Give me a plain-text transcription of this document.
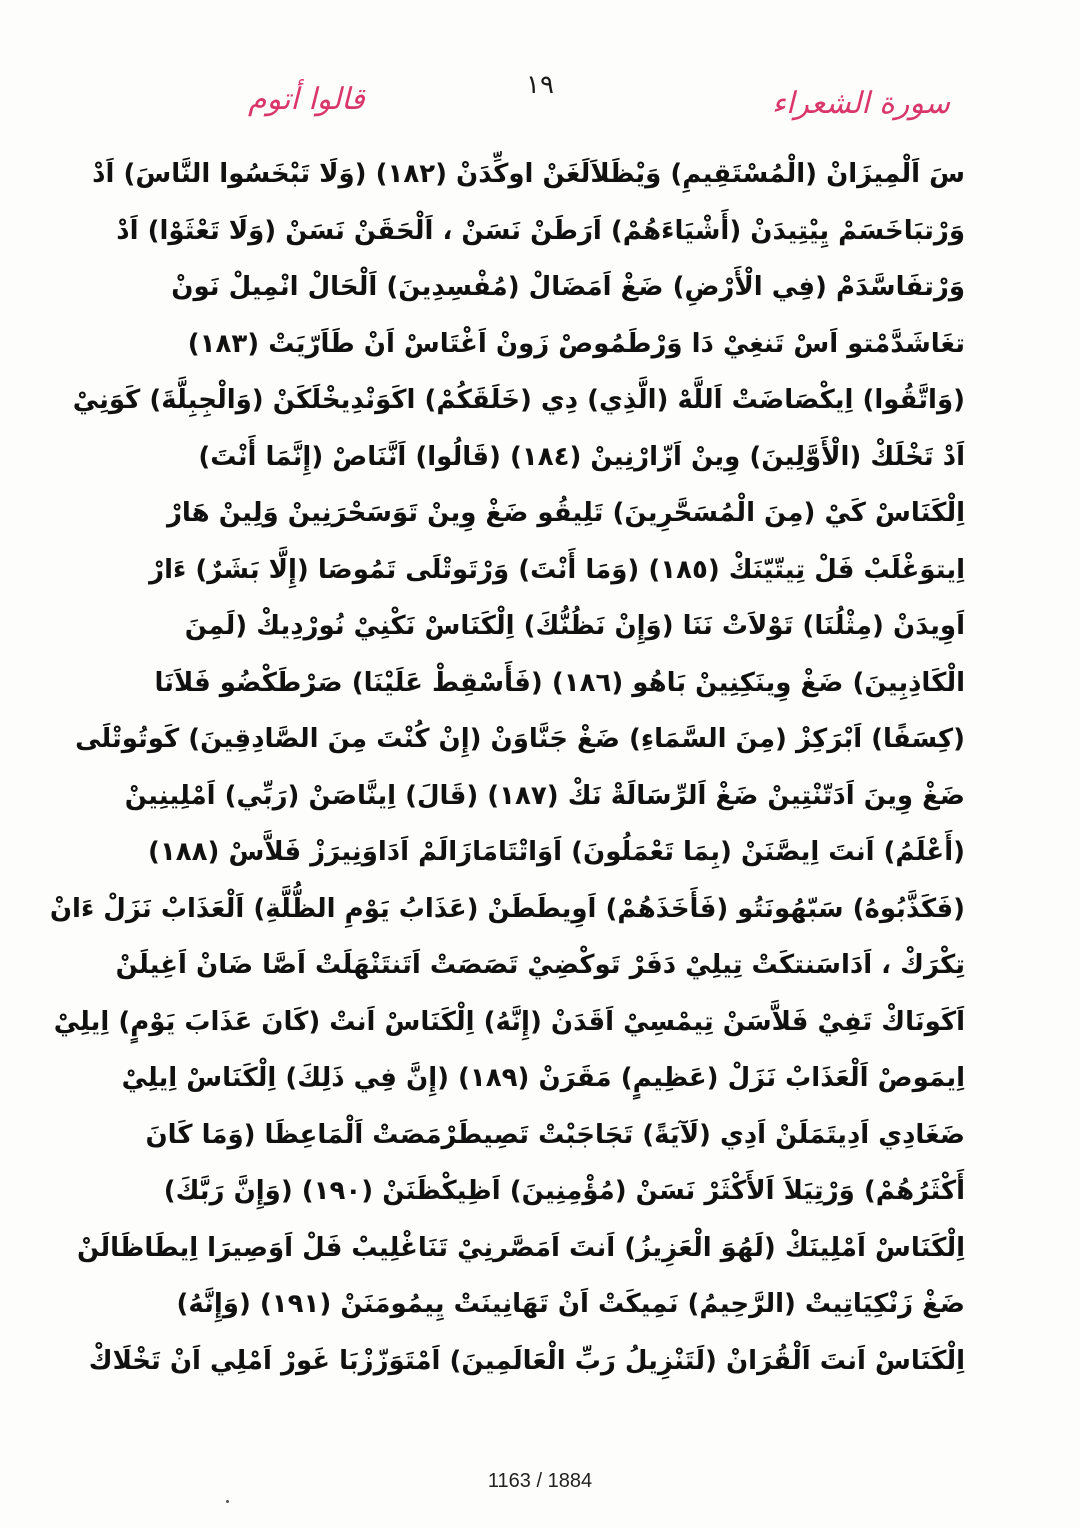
سورة الشعراء
١٩
قالوا أتوم
سَ اَلْمِيزَانْ (الْمُسْتَقِيمِ) وَيْظَلاَلَغَنْ اوكِّدَنْ (١٨٢) (وَلَا تَبْخَسُوا النَّاسَ) اَدْ
وَرْتبَاخَسَمْ يِيْتِيدَنْ (أَشْيَاءَهُمْ) اَرَطَنْ نَسَنْ ، اَلْحَقَنْ نَسَنْ (وَلَا تَعْثَوْا) اَدْ
وَرْتفَاسَّدَمْ (فِي الْأَرْضِ) ضَغْ اَمَضَالْ (مُفْسِدِينَ) اَلْحَالْ انْمِيلْ نَونْ
تغَاشَدَّمْتو اَسْ تَنغِيْ دَا وَرْطَمُوصْ زَونْ اَغْتَاسْ اَنْ طَاَرّيَتْ (١٨٣)
(وَاتَّقُوا) اِيكْصَاضَتْ اَللَّهْ (الَّذِي) دِي (خَلَقَكُمْ) اكَوَنْدِيخْلَكَنْ (وَالْجِبِلَّةَ) كَوَنِيْ
اَدْ تَخْلَكْ (الْأَوَّلِينَ) وِينْ اَزّارْنِينْ (١٨٤) (قَالُوا) اَنَّنَاصْ (إِنَّمَا أَنْتَ)
اِلْكَنَاسْ كَيْ (مِنَ الْمُسَحَّرِينَ) تَلِيقُو ضَغْ وِينْ تَوَسَحْرَنِينْ وَلِينْ هَارْ
اِيتوَغْلَبْ فَلْ تِيتّيّنَكْ (١٨٥) (وَمَا أَنْتَ) وَرْتَوتْلَى تَمُوصَا (إِلَّا بَشَرٌ) ءَارْ
اَوِيدَنْ (مِثْلُنَا) تَوْلاَتْ نَنَا (وَإِنْ نَظُنُّكَ) اِلْكَنَاسْ نَكْنِيْ نُورْدِيكْ (لَمِنَ
الْكَاذِبِينَ) ضَغْ وِينَكِنِينْ بَاهُو (١٨٦) (فَأَسْقِطْ عَلَيْنَا) صَرْطَكْضُو فَلاَنَا
(كِسَفًا) اَبْرَكِزْ (مِنَ السَّمَاءِ) ضَغْ جَنَّاوَنْ (إِنْ كُنْتَ مِنَ الصَّادِقِينَ) كَوتُوتْلَى
ضَغْ وِينَ اَدَتّنْتِينْ ضَغْ اَلرِّسَالَةْ نَكْ (١٨٧) (قَالَ) اِينَّاصَنْ (رَبِّي) اَمْلِينِينْ
(أَعْلَمُ) اَنتَ اِيصَّنَنْ (بِمَا تَعْمَلُونَ) اَوَاتْتَامَازَالَمْ اَدَاوَنِيرَزْ فَلاَّسْ (١٨٨)
(فَكَذَّبُوهُ) سَبّهُونَتُو (فَأَخَذَهُمْ) اَوِيطَطَنْ (عَذَابُ يَوْمِ الظُّلَّةِ) اَلْعَذَابْ نَزَلْ ءَانْ
تِكْرَكْ ، اَدَاسَنتكَتْ تِيلِيْ دَفَرْ تَوكْضِيْ تَصَصَتْ اَتَنتَنْهَلَتْ اَصَّا ضَانْ اَغِيلَنْ
اَكَونَاكْ تَفِيْ فَلاَّسَنْ تِيمْسِيْ اَقَدَنْ (إِنَّهُ) اِلْكَنَاسْ اَنتْ (كَانَ عَذَابَ يَوْمٍ) اِيلِيْ
اِيمَوصْ اَلْعَذَابْ نَزَلْ (عَظِيمٍ) مَقَرَنْ (١٨٩) (إِنَّ فِي ذَلِكَ) اِلْكَنَاسْ اِيلِيْ
ضَغَادِي اَدِيتَمَلَنْ اَدِي (لَآيَةً) تَجَاجَبْتْ تَصِيطَرْمَصَتْ اَلْمَاعِظَا (وَمَا كَانَ
أَكْثَرُهُمْ) وَرْتِيَلاَ اَلأَكْثَرْ نَسَنْ (مُؤْمِنِينَ) اَظِيكْظَنَنْ (١٩٠) (وَإِنَّ رَبَّكَ)
اِلْكَنَاسْ اَمْلِينَكْ (لَهُوَ الْعَزِيزُ) اَنتَ اَمَصَّرنِيْ تَنَاغْلِيبْ فَلْ اَوَصِيرَا اِيطَاظَالَنْ
ضَغْ زَنْكِيَاتِيتْ (الرَّحِيمُ) نَمِيكَتْ اَنْ تَهَانِينَتْ يِيمُومَنَنْ (١٩١) (وَإِنَّهُ)
اِلْكَنَاسْ اَنتَ اَلْقُرَانْ (لَتَنْزِيلُ رَبِّ الْعَالَمِينَ) اَمْتَوَزّزْبَا غَورْ اَمْلِي اَنْ تَخْلَاكْ
1163 / 1884
